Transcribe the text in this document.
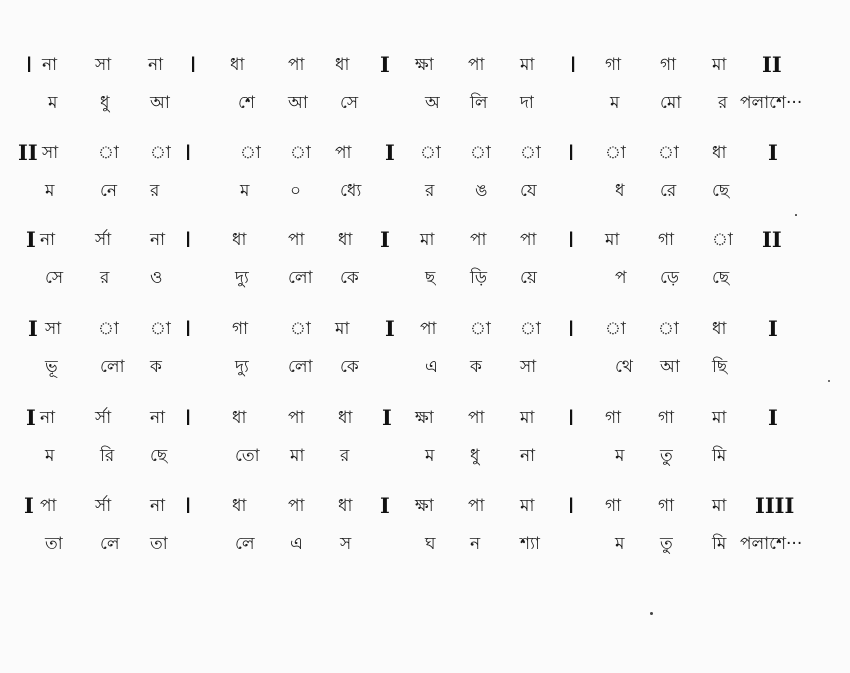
ǀ না সা না ǀ ধা	পা ধা I ক্ষা পা মা ǀ গা গা মা II
ম	ধু আ	শে আ সে	অ লি দা	ম মো র পলাশে···
II সা া া ǀ	া া পা I া া া ǀ া া ধা I
ম	নে র	ম ০ ধ্যে	র ঙ যে	ধ রে ছে
I না র্সা না ǀ ধা পা ধা I মা পা পা ǀ মা গা া II
সে র ও	দ্যু লো কে	ছ ড়ি য়ে	প ড়ে ছে
I সা া া ǀ গা া মা I পা া া ǀ া া ধা I
ভূ লো ক	দ্যু লো কে	এ ক সা	থে আ ছি
I না র্সা না ǀ ধা পা ধা I ক্ষা পা মা ǀ গা গা মা I
ম	রি ছে	তো মা র	ম ধু না	ম তু মি
I পা র্সা না ǀ ধা পা ধা I ক্ষা পা মা ǀ গা গা মা IIII
তা লে তা	লে এ স	ঘ ন শ্যা	ম তু মি পলাশে···
